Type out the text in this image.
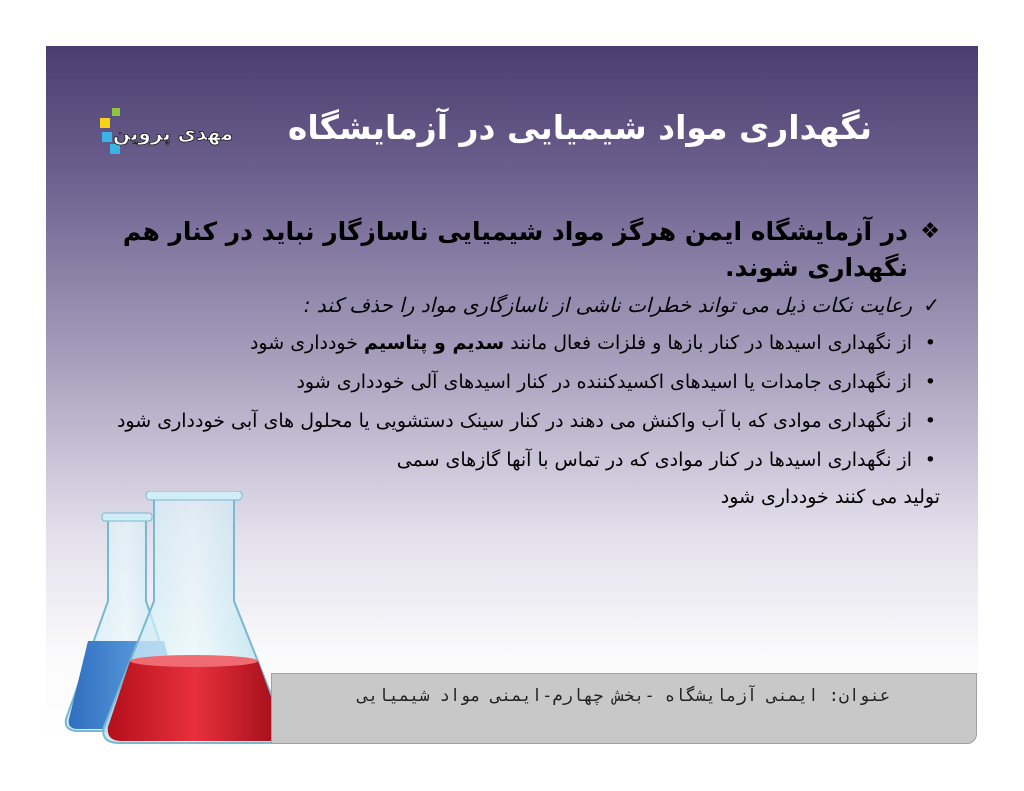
مهدی پروین نگهداری مواد شیمیایی در آزمایشگاه
❖
در آزمایشگاه ایمن هرگز مواد شیمیایی ناسازگار نباید در کنار هم نگهداری شوند.
✓
رعایت نکات ذیل می تواند خطرات ناشی از ناسازگاری مواد را حذف کند :
•
از نگهداری اسیدها در کنار بازها و فلزات فعال مانند سدیم و پتاسیم خودداری شود
•
از نگهداری جامدات یا اسیدهای اکسیدکننده در کنار اسیدهای آلی خودداری شود
•
از نگهداری موادی که با آب واکنش می دهند در کنار سینک دستشویی یا محلول های آبی خودداری شود
•
از نگهداری اسیدها در کنار موادی که در تماس با آنها گازهای سمی
تولید می کنند خودداری شود
عنوان: ایمنی آزمایشگاه -بخش چهارم-ایمنی مواد شیمیایی
